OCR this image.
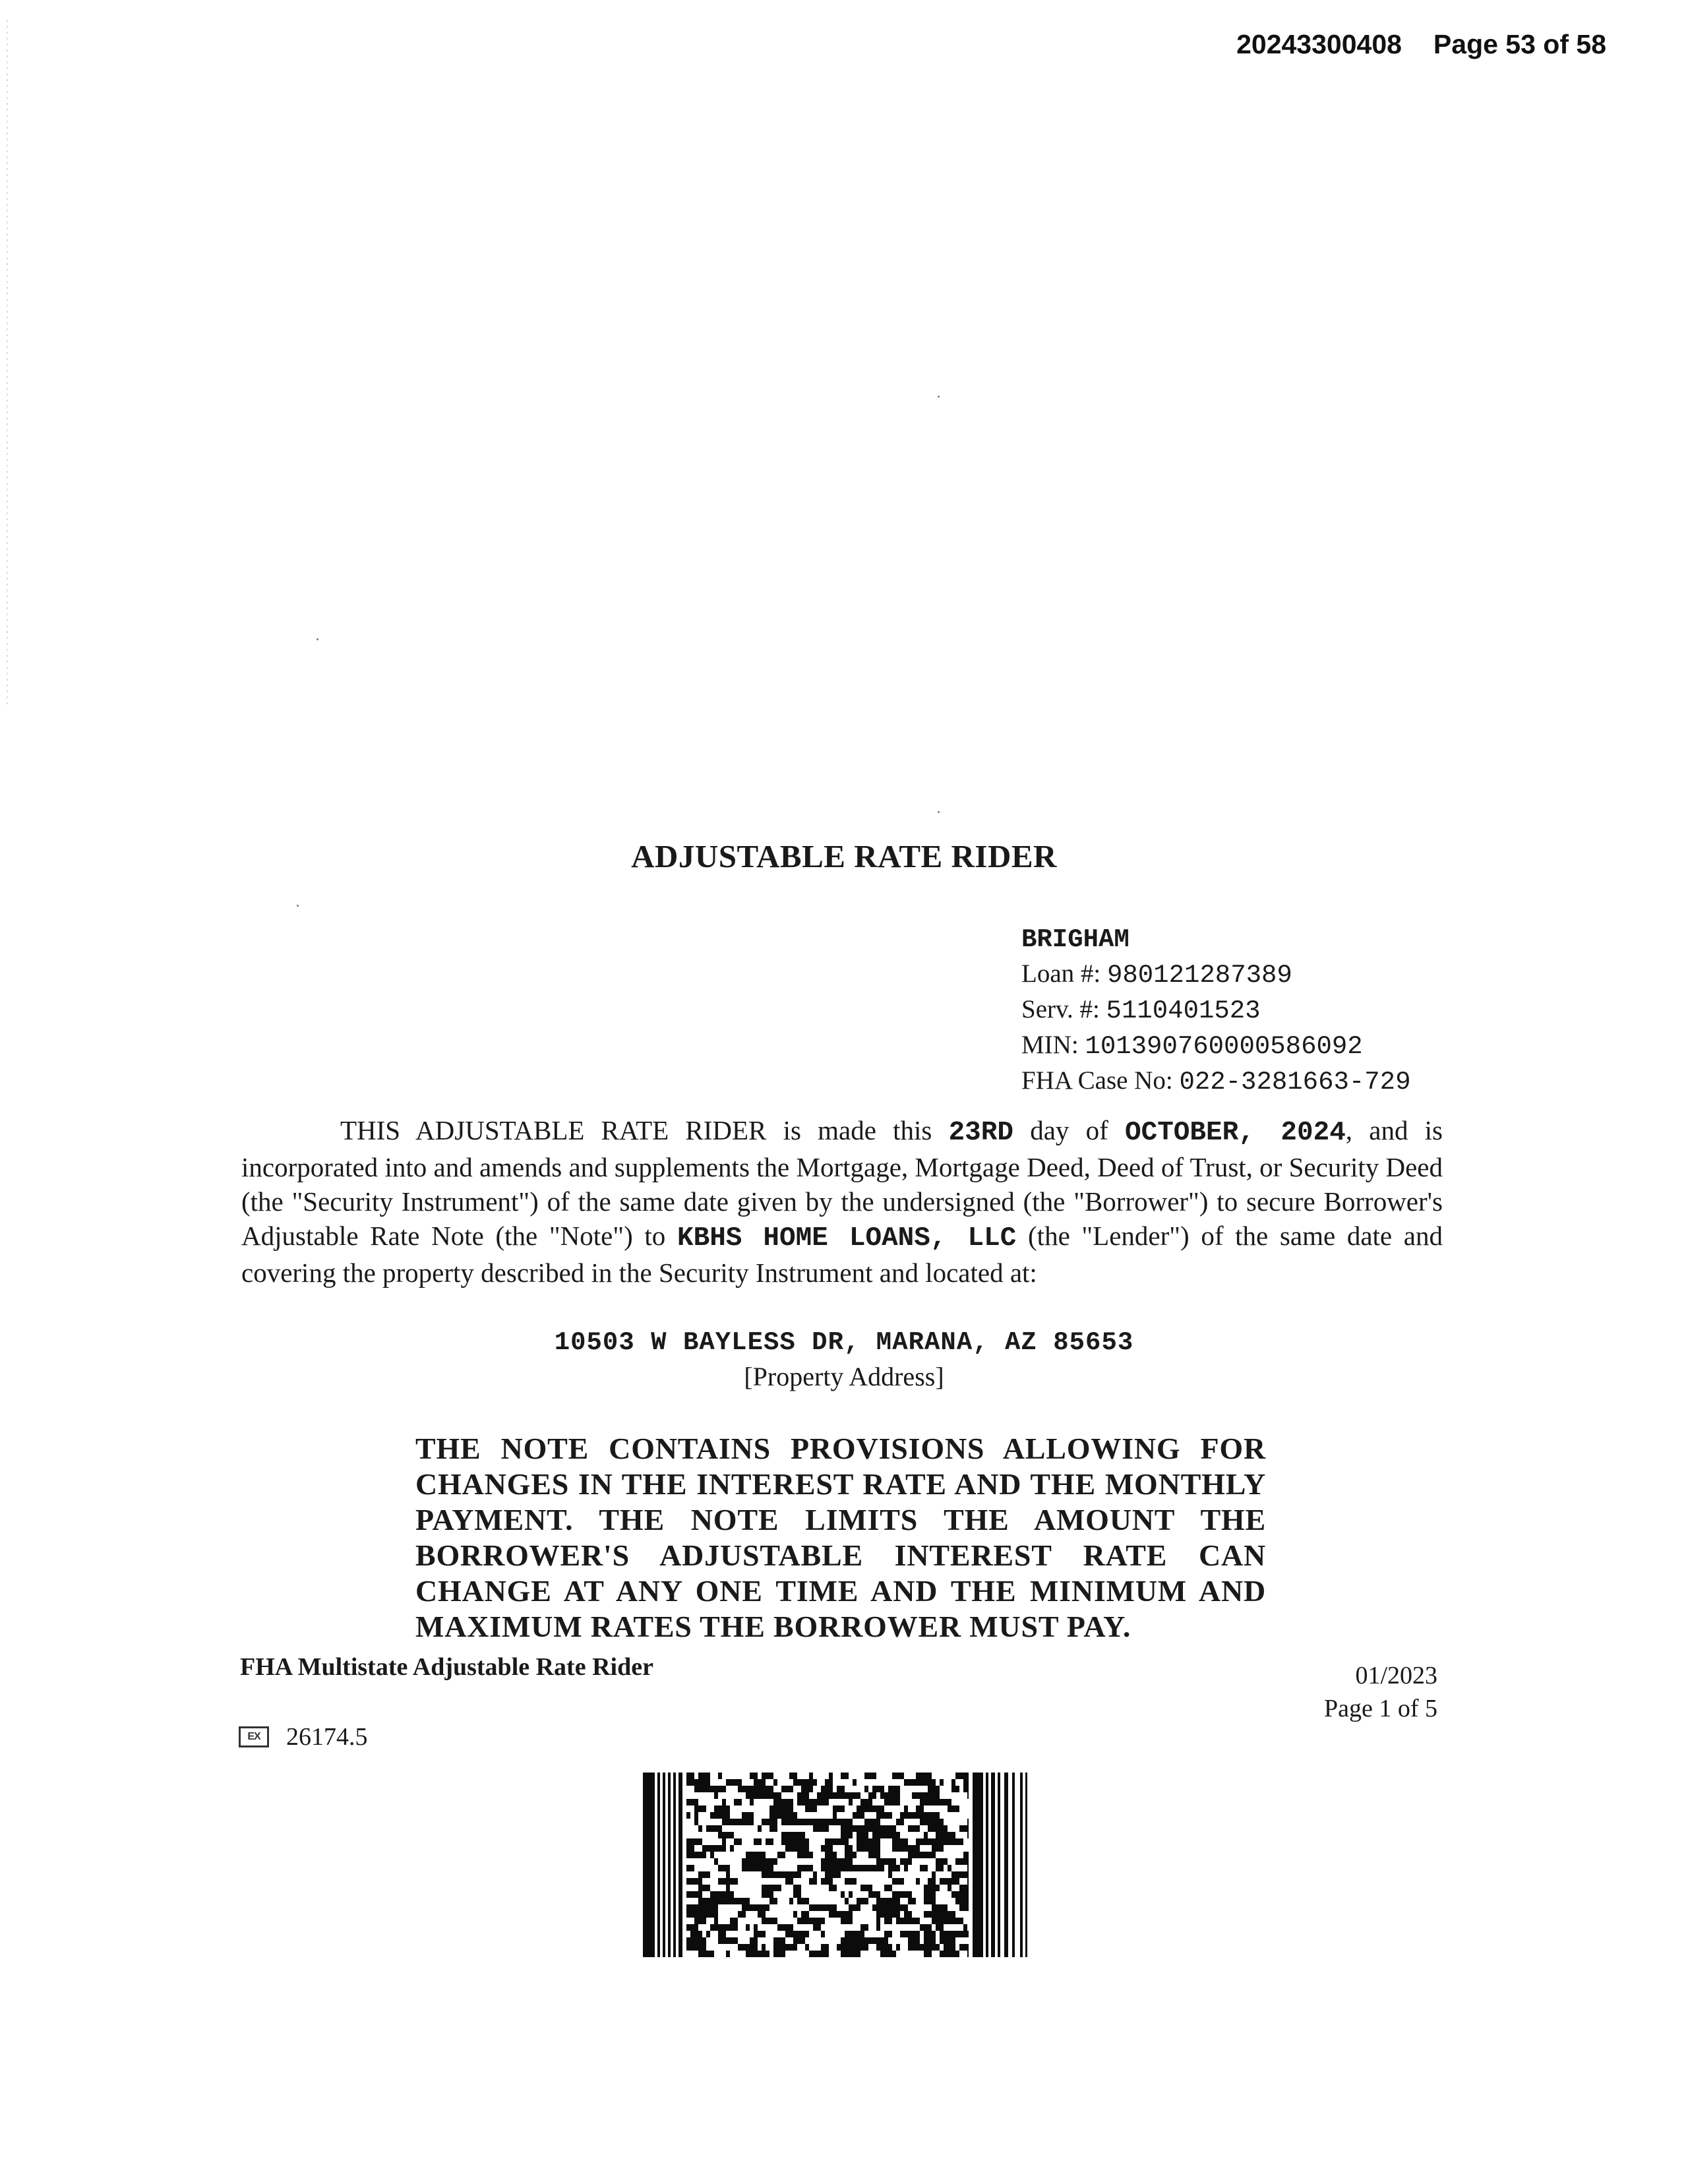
20243300408 Page 53 of 58
ADJUSTABLE RATE RIDER
BRIGHAM
Loan #: 980121287389
Serv. #: 5110401523
MIN: 101390760000586092
FHA Case No: 022-3281663-729
THIS ADJUSTABLE RATE RIDER is made this 23RD day of OCTOBER, 2024, and is incorporated into and amends and supplements the Mortgage, Mortgage Deed, Deed of Trust, or Security Deed (the "Security Instrument") of the same date given by the undersigned (the "Borrower") to secure Borrower's Adjustable Rate Note (the "Note") to KBHS HOME LOANS, LLC (the "Lender") of the same date and covering the property described in the Security Instrument and located at:
10503 W BAYLESS DR, MARANA, AZ 85653
[Property Address]
THE NOTE CONTAINS PROVISIONS ALLOWING FOR CHANGES IN THE INTEREST RATE AND THE MONTHLY PAYMENT. THE NOTE LIMITS THE AMOUNT THE BORROWER'S ADJUSTABLE INTEREST RATE CAN CHANGE AT ANY ONE TIME AND THE MINIMUM AND MAXIMUM RATES THE BORROWER MUST PAY.
FHA Multistate Adjustable Rate Rider	01/2023
Page 1 of 5
EX	26174.5
